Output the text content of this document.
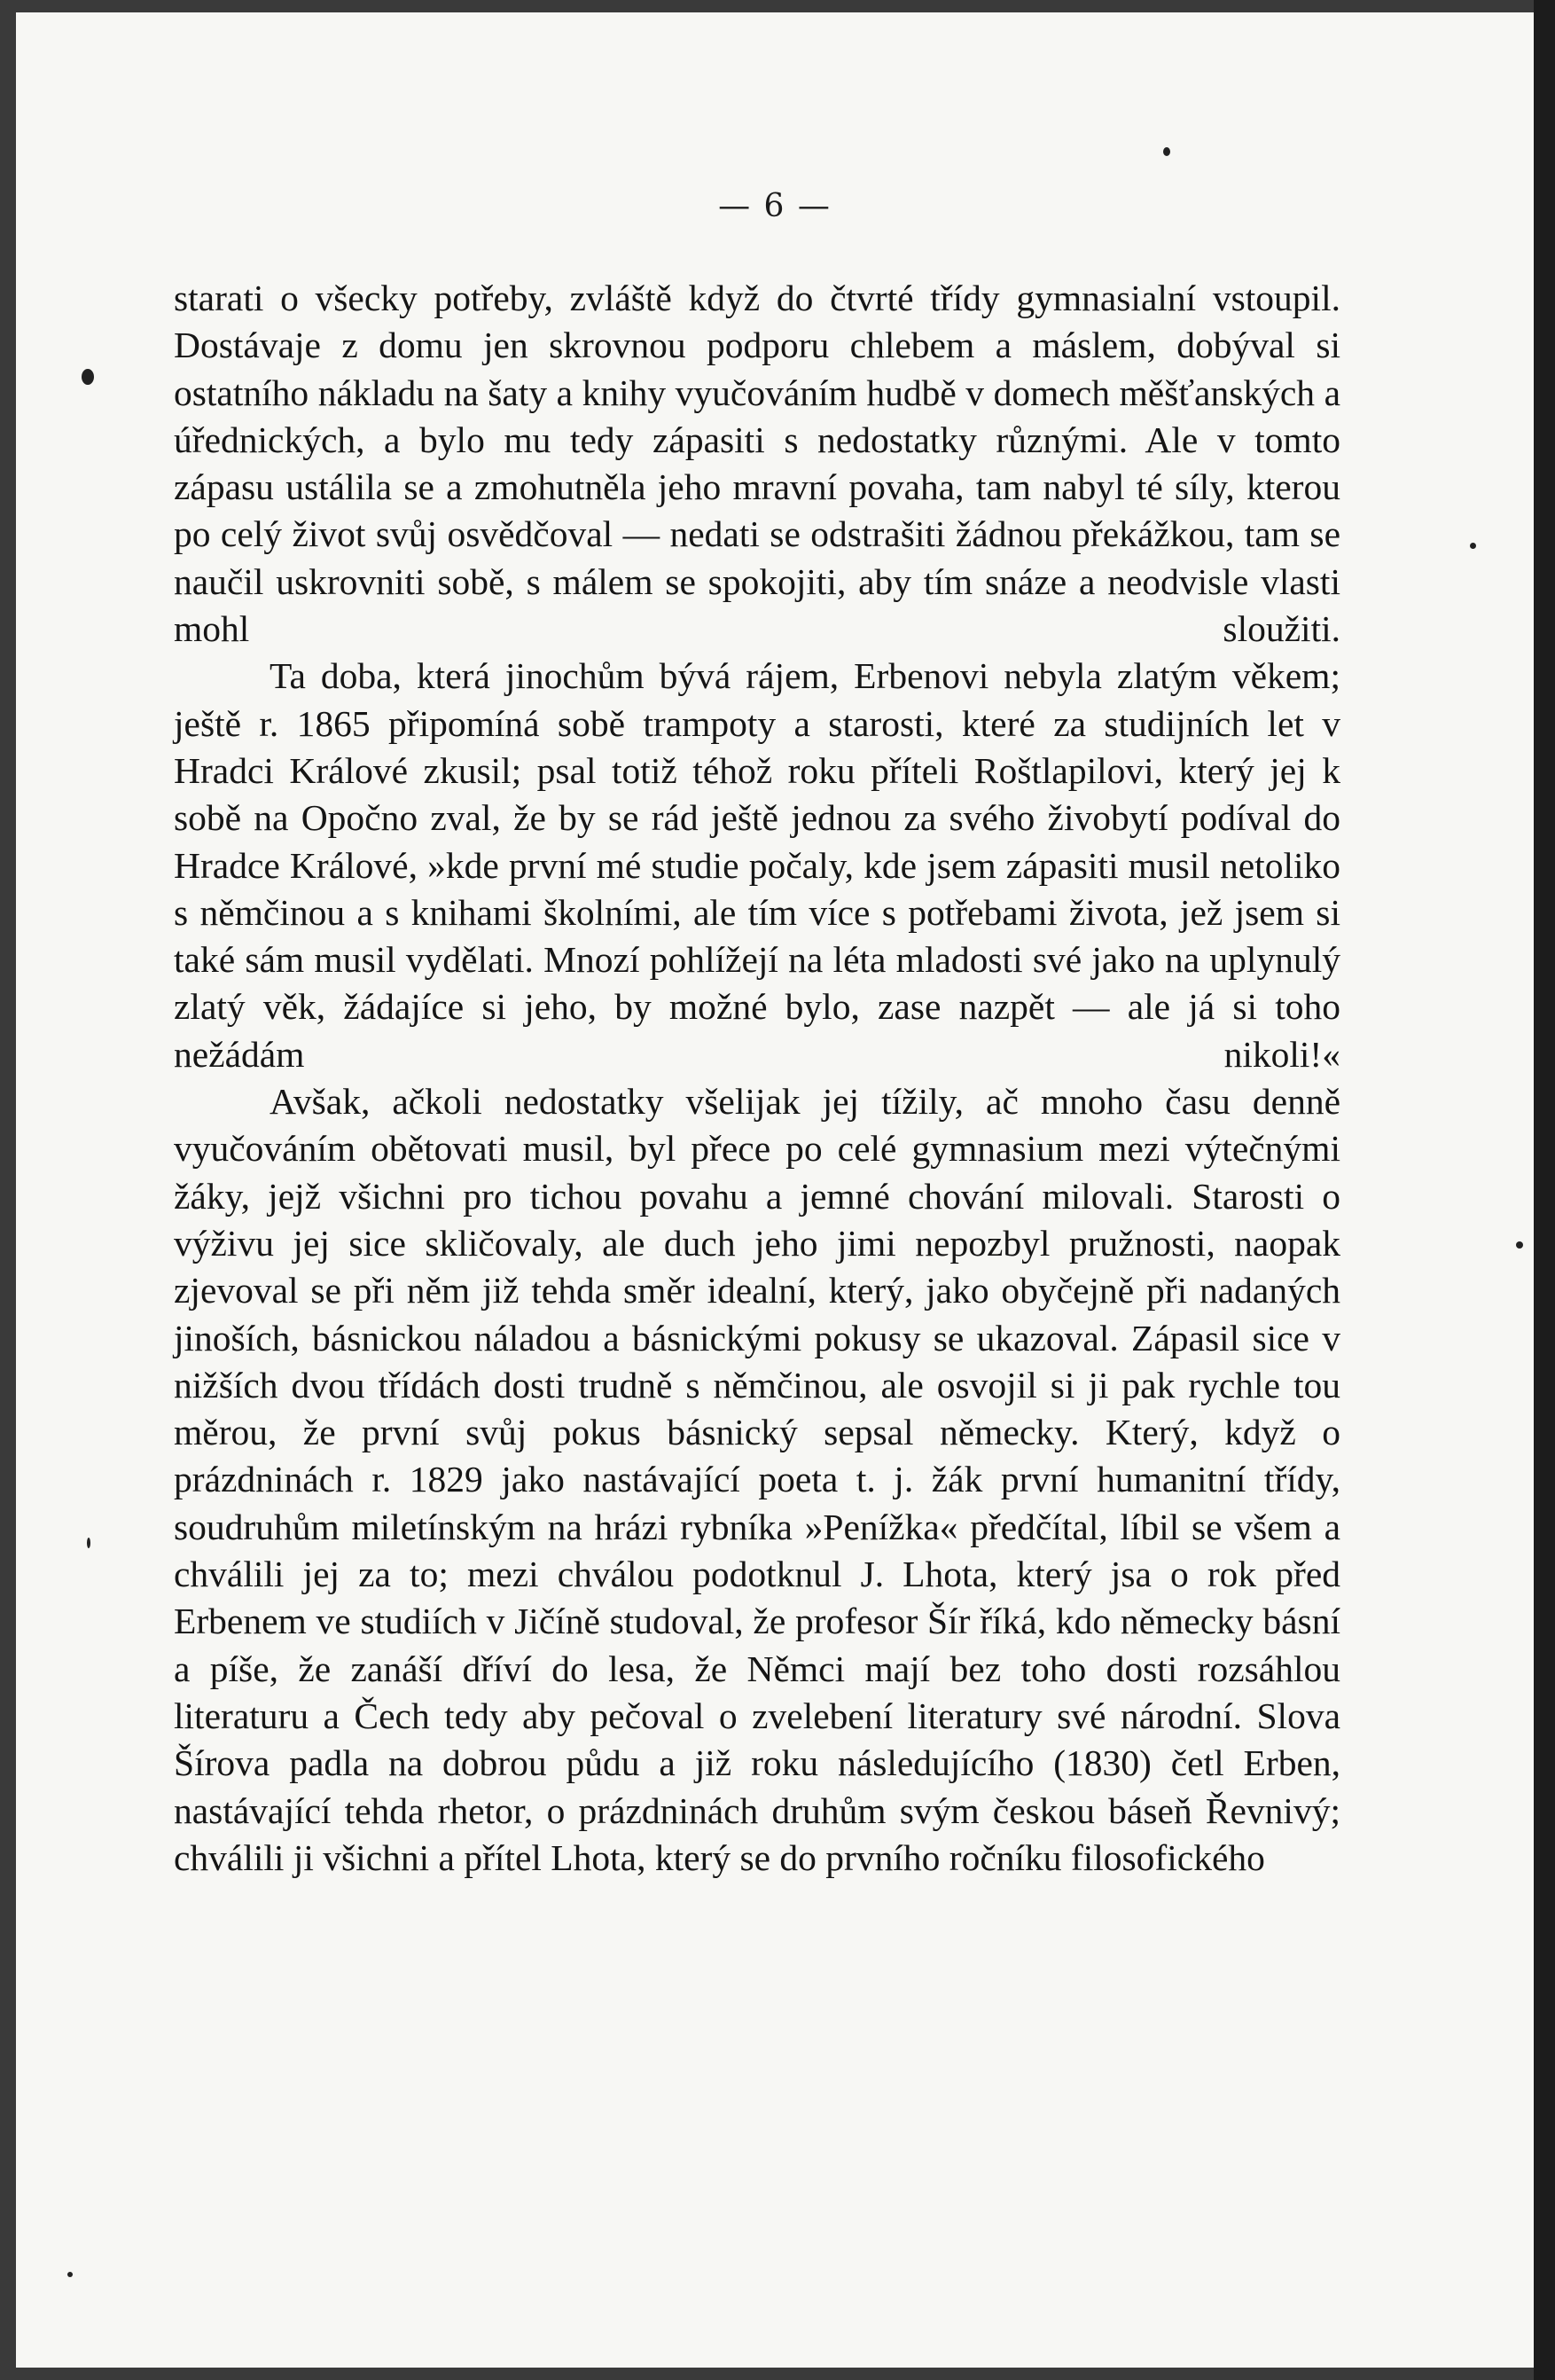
— 6 —

starati o všecky potřeby, zvláště když do čtvrté třídy gymnasialní vstoupil. Dostávaje z domu jen skrovnou podporu chlebem a máslem, dobýval si ostatního nákladu na šaty a knihy vyučováním hudbě v domech měšťanských a úřednických, a bylo mu tedy zápasiti s nedostatky různými. Ale v tomto zápasu ustálila se a zmohutněla jeho mravní povaha, tam nabyl té síly, kterou po celý život svůj osvědčoval — nedati se odstrašiti žádnou překážkou, tam se naučil uskrovniti sobě, s málem se spokojiti, aby tím snáze a neodvisle vlasti mohl sloužiti.

Ta doba, která jinochům bývá rájem, Erbenovi nebyla zlatým věkem; ještě r. 1865 připomíná sobě trampoty a starosti, které za studijních let v Hradci Králové zkusil; psal totiž téhož roku příteli Roštlapilovi, který jej k sobě na Opočno zval, že by se rád ještě jednou za svého živobytí podíval do Hradce Králové, »kde první mé studie počaly, kde jsem zápasiti musil netoliko s němčinou a s knihami školními, ale tím více s potřebami života, jež jsem si také sám musil vydělati. Mnozí pohlížejí na léta mladosti své jako na uplynulý zlatý věk, žádajíce si jeho, by možné bylo, zase nazpět — ale já si toho nežádám nikoli!«

Avšak, ačkoli nedostatky všelijak jej tížily, ač mnoho času denně vyučováním obětovati musil, byl přece po celé gymnasium mezi výtečnými žáky, jejž všichni pro tichou povahu a jemné chování milovali. Starosti o výživu jej sice skličovaly, ale duch jeho jimi nepozbyl pružnosti, naopak zjevoval se při něm již tehda směr idealní, který, jako obyčejně při nadaných jinoších, básnickou náladou a básnickými pokusy se ukazoval. Zápasil sice v nižších dvou třídách dosti trudně s němčinou, ale osvojil si ji pak rychle tou měrou, že první svůj pokus básnický sepsal německy. Který, když o prázdninách r. 1829 jako nastávající poeta t. j. žák první humanitní třídy, soudruhům miletínským na hrázi rybníka »Penížka« předčítal, líbil se všem a chválili jej za to; mezi chválou podotknul J. Lhota, který jsa o rok před Erbenem ve studiích v Jičíně studoval, že profesor Šír říká, kdo německy básní a píše, že zanáší dříví do lesa, že Němci mají bez toho dosti rozsáhlou literaturu a Čech tedy aby pečoval o zvelebení literatury své národní. Slova Šírova padla na dobrou půdu a již roku následujícího (1830) četl Erben, nastávající tehda rhetor, o prázdninách druhům svým českou báseň Řevnivý; chválili ji všichni a přítel Lhota, který se do prvního ročníku filosofického
